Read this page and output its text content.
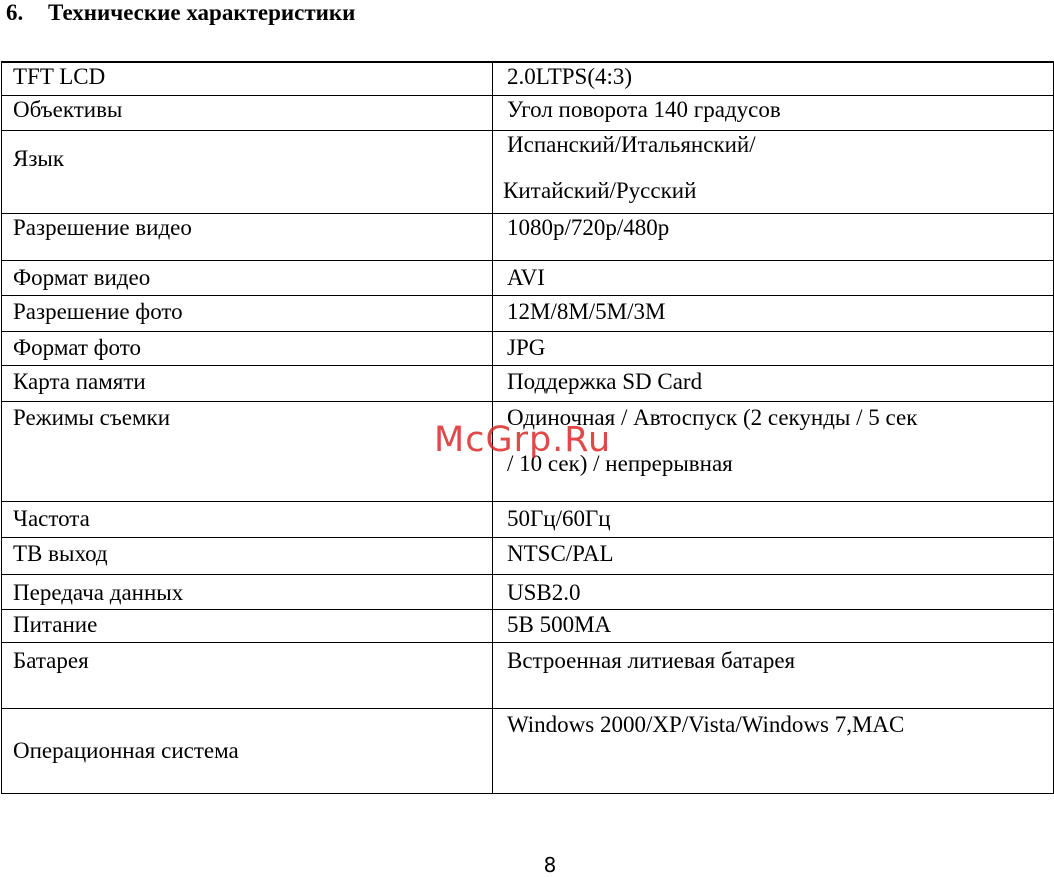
6. Технические характеристики
TFT LCD	2.0LTPS(4:3)
Объективы	Угол поворота 140 градусов
Язык	Испанский/Итальянский/
Китайский/Русский

Разрешение видео	1080p/720p/480p
Формат видео	AVI
Разрешение фото	12M/8M/5M/3M
Формат фото	JPG
Карта памяти	Поддержка SD Card
Режимы съемки	Одиночная / Автоспуск (2 секунды / 5 сек
/ 10 сек) / непрерывная

Частота	50Гц/60Гц
ТВ выход	NTSC/PAL
Передача данных	USB2.0
Питание	5В 500МА
Батарея	Встроенная литиевая батарея
Операционная система	Windows 2000/XP/Vista/Windows 7,MAC
McGrp.Ru
8
